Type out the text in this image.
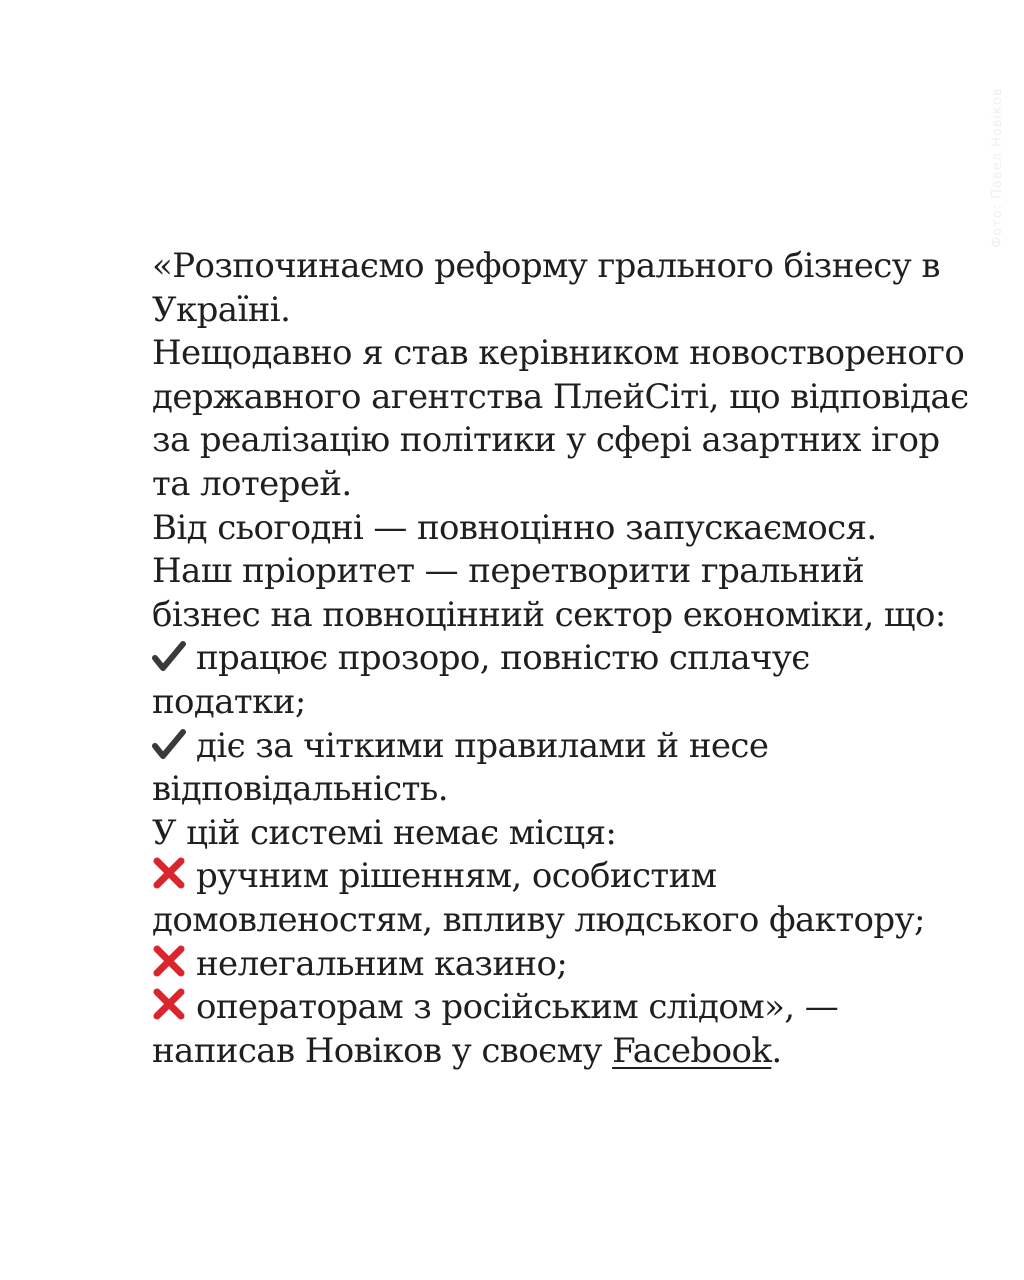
Фото: Павел Новіков

«Розпочинаємо реформу грального бізнесу в Україні.

Нещодавно я став керівником новоствореного державного агентства ПлейСіті, що відповідає за реалізацію політики у сфері азартних ігор та лотерей.

Від сьогодні — повноцінно запускаємося.

Наш пріоритет — перетворити гральний бізнес на повноцінний сектор економіки, що:

працює прозоро, повністю сплачує податки;

діє за чіткими правилами й несе відповідальність.

У цій системі немає місця:

ручним рішенням, особистим домовленостям, впливу людського фактору;

нелегальним казино;

операторам з російським слідом», —

написав Новіков у своєму Facebook.
